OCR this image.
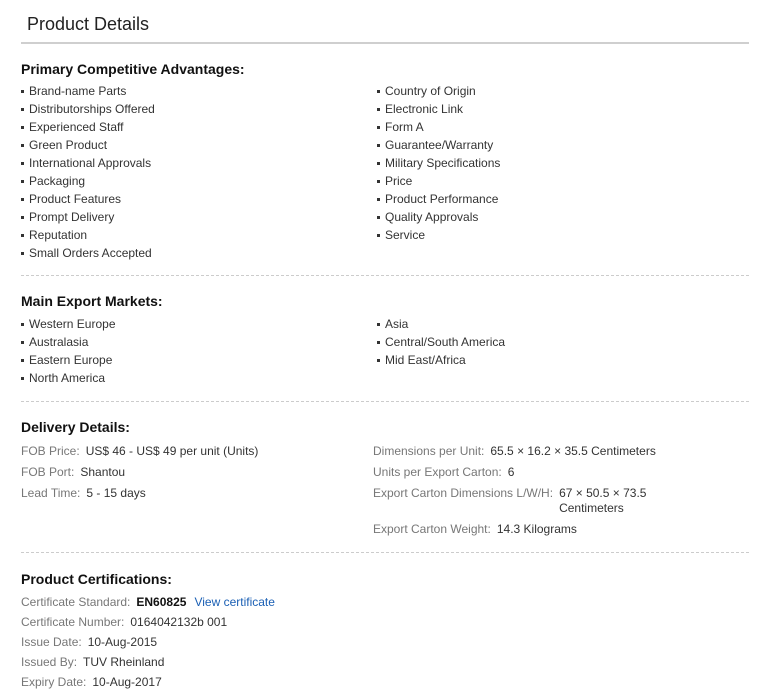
Product Details
Primary Competitive Advantages:
Brand-name Parts
Distributorships Offered
Experienced Staff
Green Product
International Approvals
Packaging
Product Features
Prompt Delivery
Reputation
Small Orders Accepted
Country of Origin
Electronic Link
Form A
Guarantee/Warranty
Military Specifications
Price
Product Performance
Quality Approvals
Service
Main Export Markets:
Western Europe
Australasia
Eastern Europe
North America
Asia
Central/South America
Mid East/Africa
Delivery Details:
FOB Price: US$ 46 - US$ 49 per unit (Units)
FOB Port: Shantou
Lead Time: 5 - 15 days
Dimensions per Unit: 65.5 × 16.2 × 35.5 Centimeters
Units per Export Carton: 6
Export Carton Dimensions L/W/H: 67 × 50.5 × 73.5 Centimeters
Export Carton Weight: 14.3 Kilograms
Product Certifications:
Certificate Standard: EN60825 View certificate
Certificate Number: 0164042132b 001
Issue Date: 10-Aug-2015
Issued By: TUV Rheinland
Expiry Date: 10-Aug-2017
